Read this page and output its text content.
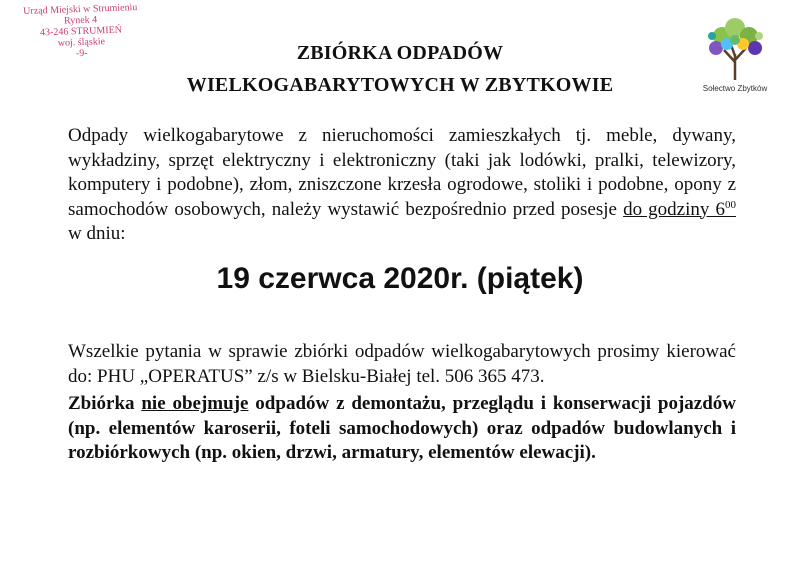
Urząd Miejski w Strumieniu
Rynek 4
43-246 STRUMIEŃ
woj. śląskie
-9-
Sołectwo Zbytków
ZBIÓRKA ODPADÓW
WIELKOGABARYTOWYCH W ZBYTKOWIE
Odpady wielkogabarytowe z nieruchomości zamieszkałych tj. meble, dywany, wykładziny, sprzęt elektryczny i elektroniczny (taki jak lodówki, pralki, telewizory, komputery i podobne), złom, zniszczone krzesła ogrodowe, stoliki i podobne, opony z samochodów osobowych, należy wystawić bezpośrednio przed posesje do godziny $6^{00}$ w dniu:
19 czerwca 2020r. (piątek)
Wszelkie pytania w sprawie zbiórki odpadów wielkogabarytowych prosimy kierować do: PHU „OPERATUS” z/s w Bielsku-Białej tel. 506 365 473.
Zbiórka nie obejmuje odpadów z demontażu, przeglądu i konserwacji pojazdów (np. elementów karoserii, foteli samochodowych) oraz odpadów budowlanych i rozbiórkowych (np. okien, drzwi, armatury, elementów elewacji).
